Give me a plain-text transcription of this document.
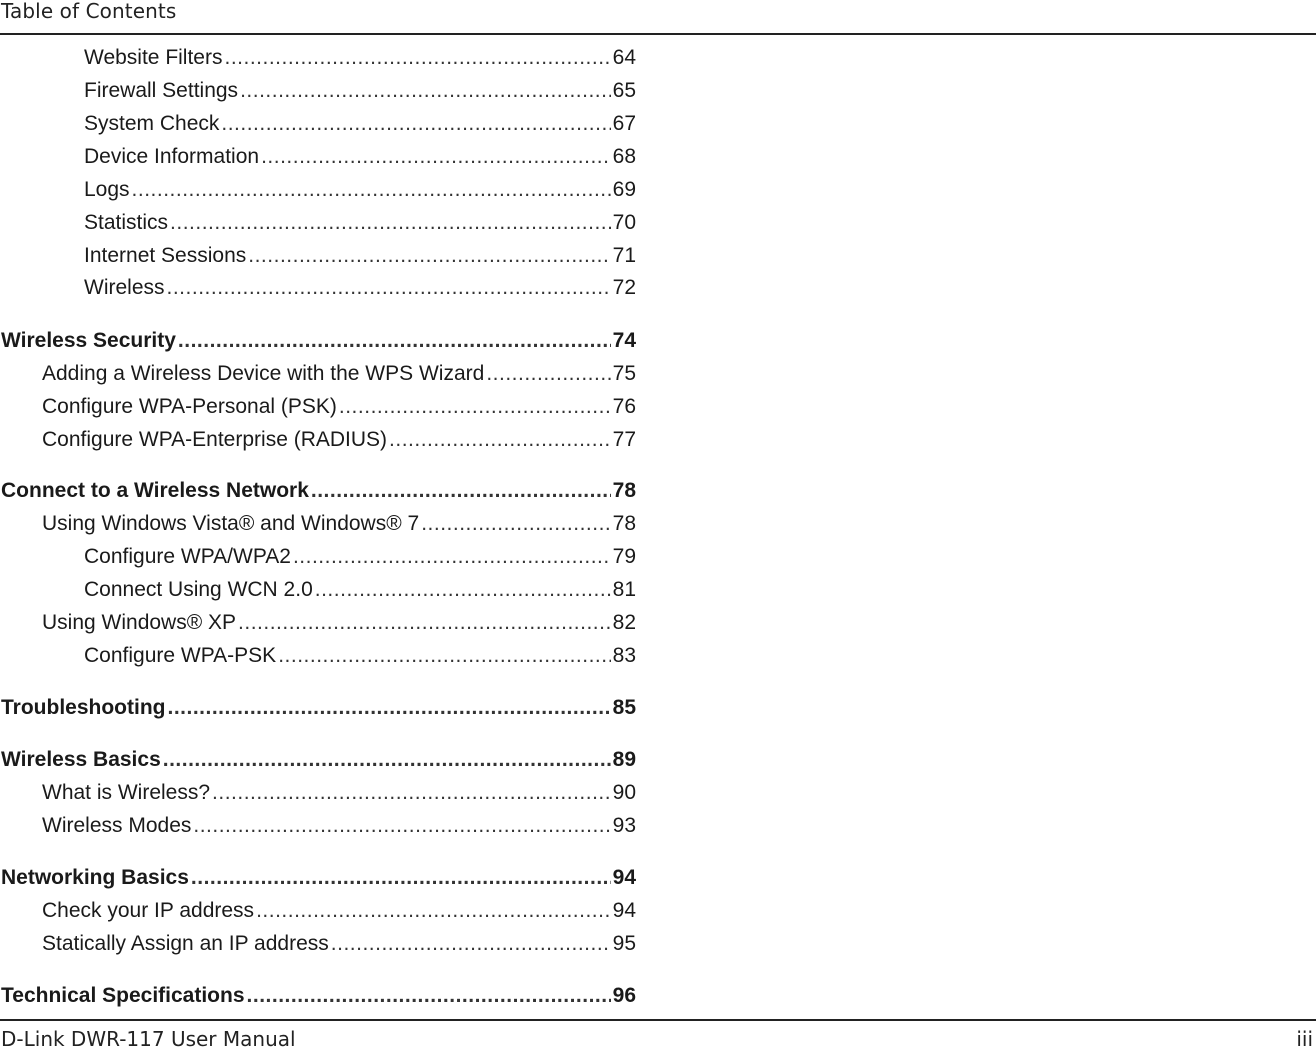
Table of Contents
Website Filters .....	64
Firewall Settings .....	65
System Check .....	67
Device Information .....	68
Logs .....	69
Statistics .....	70
Internet Sessions .....	71
Wireless .....	72
Wireless Security .....	74
Adding a Wireless Device with the WPS Wizard .....	75
Configure WPA-Personal (PSK) .....	76
Configure WPA-Enterprise (RADIUS) .....	77
Connect to a Wireless Network .....	78
Using Windows Vista® and Windows® 7 .....	78
Configure WPA/WPA2 .....	79
Connect Using WCN 2.0 .....	81
Using Windows® XP .....	82
Configure WPA-PSK .....	83
Troubleshooting .....	85
Wireless Basics .....	89
What is Wireless? .....	90
Wireless Modes .....	93
Networking Basics .....	94
Check your IP address .....	94
Statically Assign an IP address .....	95
Technical Specifications .....	96
D-Link DWR-117 User Manual	iii
